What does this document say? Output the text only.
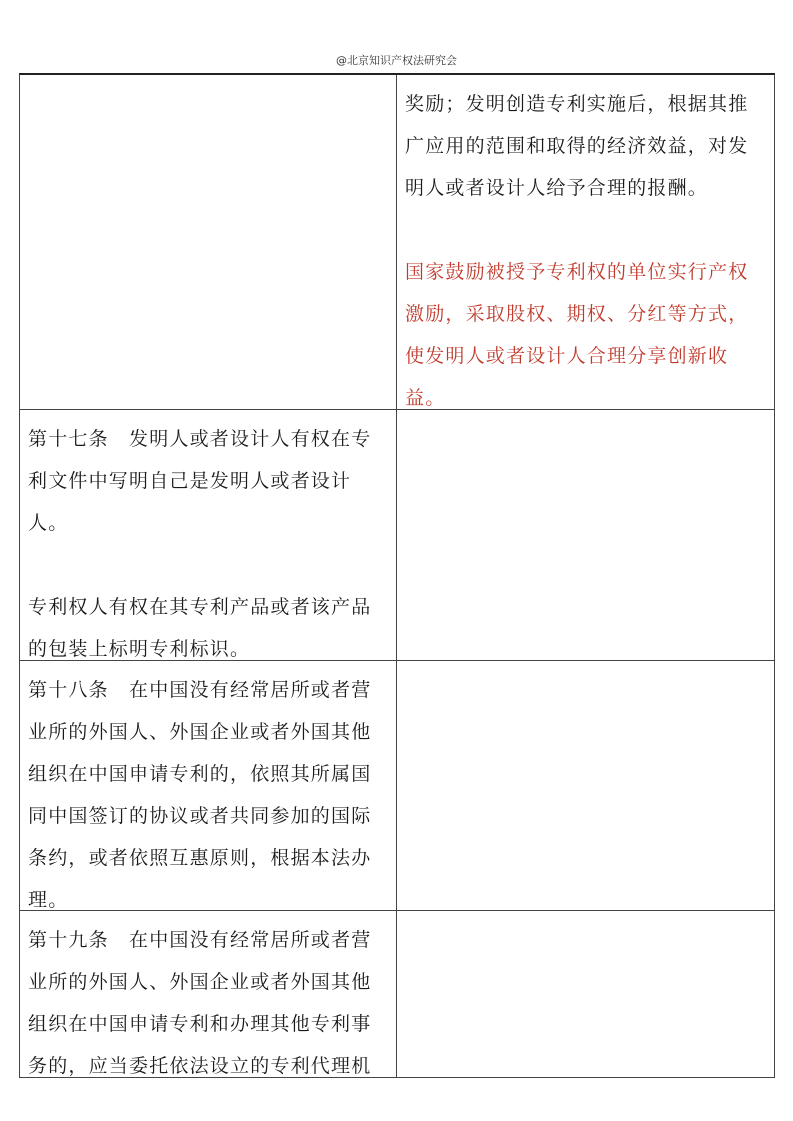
@北京知识产权法研究会

奖励；发明创造专利实施后，根据其推广应用的范围和取得的经济效益，对发明人或者设计人给予合理的报酬。

国家鼓励被授予专利权的单位实行产权激励，采取股权、期权、分红等方式，使发明人或者设计人合理分享创新收益。

第十七条　发明人或者设计人有权在专利文件中写明自己是发明人或者设计人。

专利权人有权在其专利产品或者该产品的包装上标明专利标识。

第十八条　在中国没有经常居所或者营业所的外国人、外国企业或者外国其他组织在中国申请专利的，依照其所属国同中国签订的协议或者共同参加的国际条约，或者依照互惠原则，根据本法办理。

第十九条　在中国没有经常居所或者营业所的外国人、外国企业或者外国其他组织在中国申请专利和办理其他专利事务的，应当委托依法设立的专利代理机
